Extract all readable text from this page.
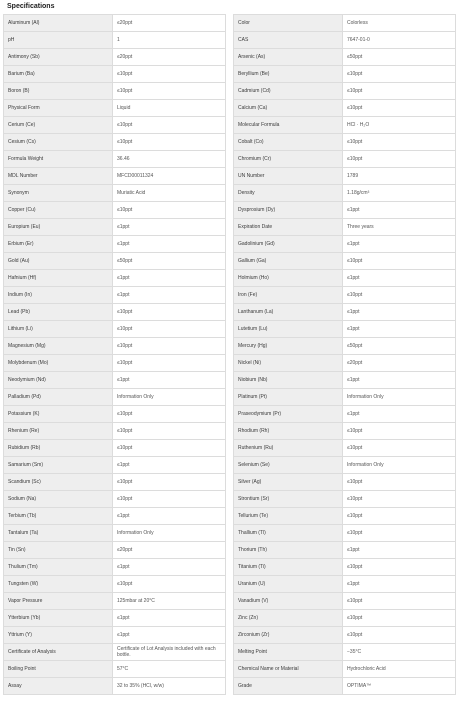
Specifications
Aluminum (Al)	≤20ppt
pH	1
Antimony (Sb)	≤20ppt
Barium (Ba)	≤10ppt
Boron (B)	≤10ppt
Physical Form	Liquid
Cerium (Ce)	≤10ppt
Cesium (Cs)	≤10ppt
Formula Weight	36.46
MDL Number	MFCD00011324
Synonym	Muriatic Acid
Copper (Cu)	≤10ppt
Europium (Eu)	≤1ppt
Erbium (Er)	≤1ppt
Gold (Au)	≤50ppt
Hafnium (Hf)	≤1ppt
Indium (In)	≤1ppt
Lead (Pb)	≤10ppt
Lithium (Li)	≤10ppt
Magnesium (Mg)	≤10ppt
Molybdenum (Mo)	≤10ppt
Neodymium (Nd)	≤1ppt
Palladium (Pd)	Information Only
Potassium (K)	≤10ppt
Rhenium (Re)	≤10ppt
Rubidium (Rb)	≤10ppt
Samarium (Sm)	≤1ppt
Scandium (Sc)	≤10ppt
Sodium (Na)	≤10ppt
Terbium (Tb)	≤1ppt
Tantalum (Ta)	Information Only
Tin (Sn)	≤20ppt
Thulium (Tm)	≤1ppt
Tungsten (W)	≤10ppt
Vapor Pressure	125mbar at 20°C
Ytterbium (Yb)	≤1ppt
Yttrium (Y)	≤1ppt
Certificate of Analysis	Certificate of Lot Analysis included with each bottle.
Boiling Point	57°C
Assay	32 to 35% (HCl, w/w)
Color	Colorless
CAS	7647-01-0
Arsenic (As)	≤50ppt
Beryllium (Be)	≤10ppt
Cadmium (Cd)	≤10ppt
Calcium (Ca)	≤10ppt
Molecular Formula	HCl · H₂O
Cobalt (Co)	≤10ppt
Chromium (Cr)	≤10ppt
UN Number	1789
Density	1.18g/cm³
Dysprosium (Dy)	≤1ppt
Expiration Date	Three years
Gadolinium (Gd)	≤1ppt
Gallium (Ga)	≤10ppt
Holmium (Ho)	≤1ppt
Iron (Fe)	≤10ppt
Lanthanum (La)	≤1ppt
Lutetium (Lu)	≤1ppt
Mercury (Hg)	≤50ppt
Nickel (Ni)	≤20ppt
Niobium (Nb)	≤1ppt
Platinum (Pt)	Information Only
Praseodymium (Pr)	≤1ppt
Rhodium (Rh)	≤10ppt
Ruthenium (Ru)	≤10ppt
Selenium (Se)	Information Only
Silver (Ag)	≤10ppt
Strontium (Sr)	≤10ppt
Tellurium (Te)	≤10ppt
Thallium (Tl)	≤10ppt
Thorium (Th)	≤1ppt
Titanium (Ti)	≤10ppt
Uranium (U)	≤1ppt
Vanadium (V)	≤10ppt
Zinc (Zn)	≤10ppt
Zirconium (Zr)	≤10ppt
Melting Point	−35°C
Chemical Name or Material	Hydrochloric Acid
Grade	OPTIMA™
